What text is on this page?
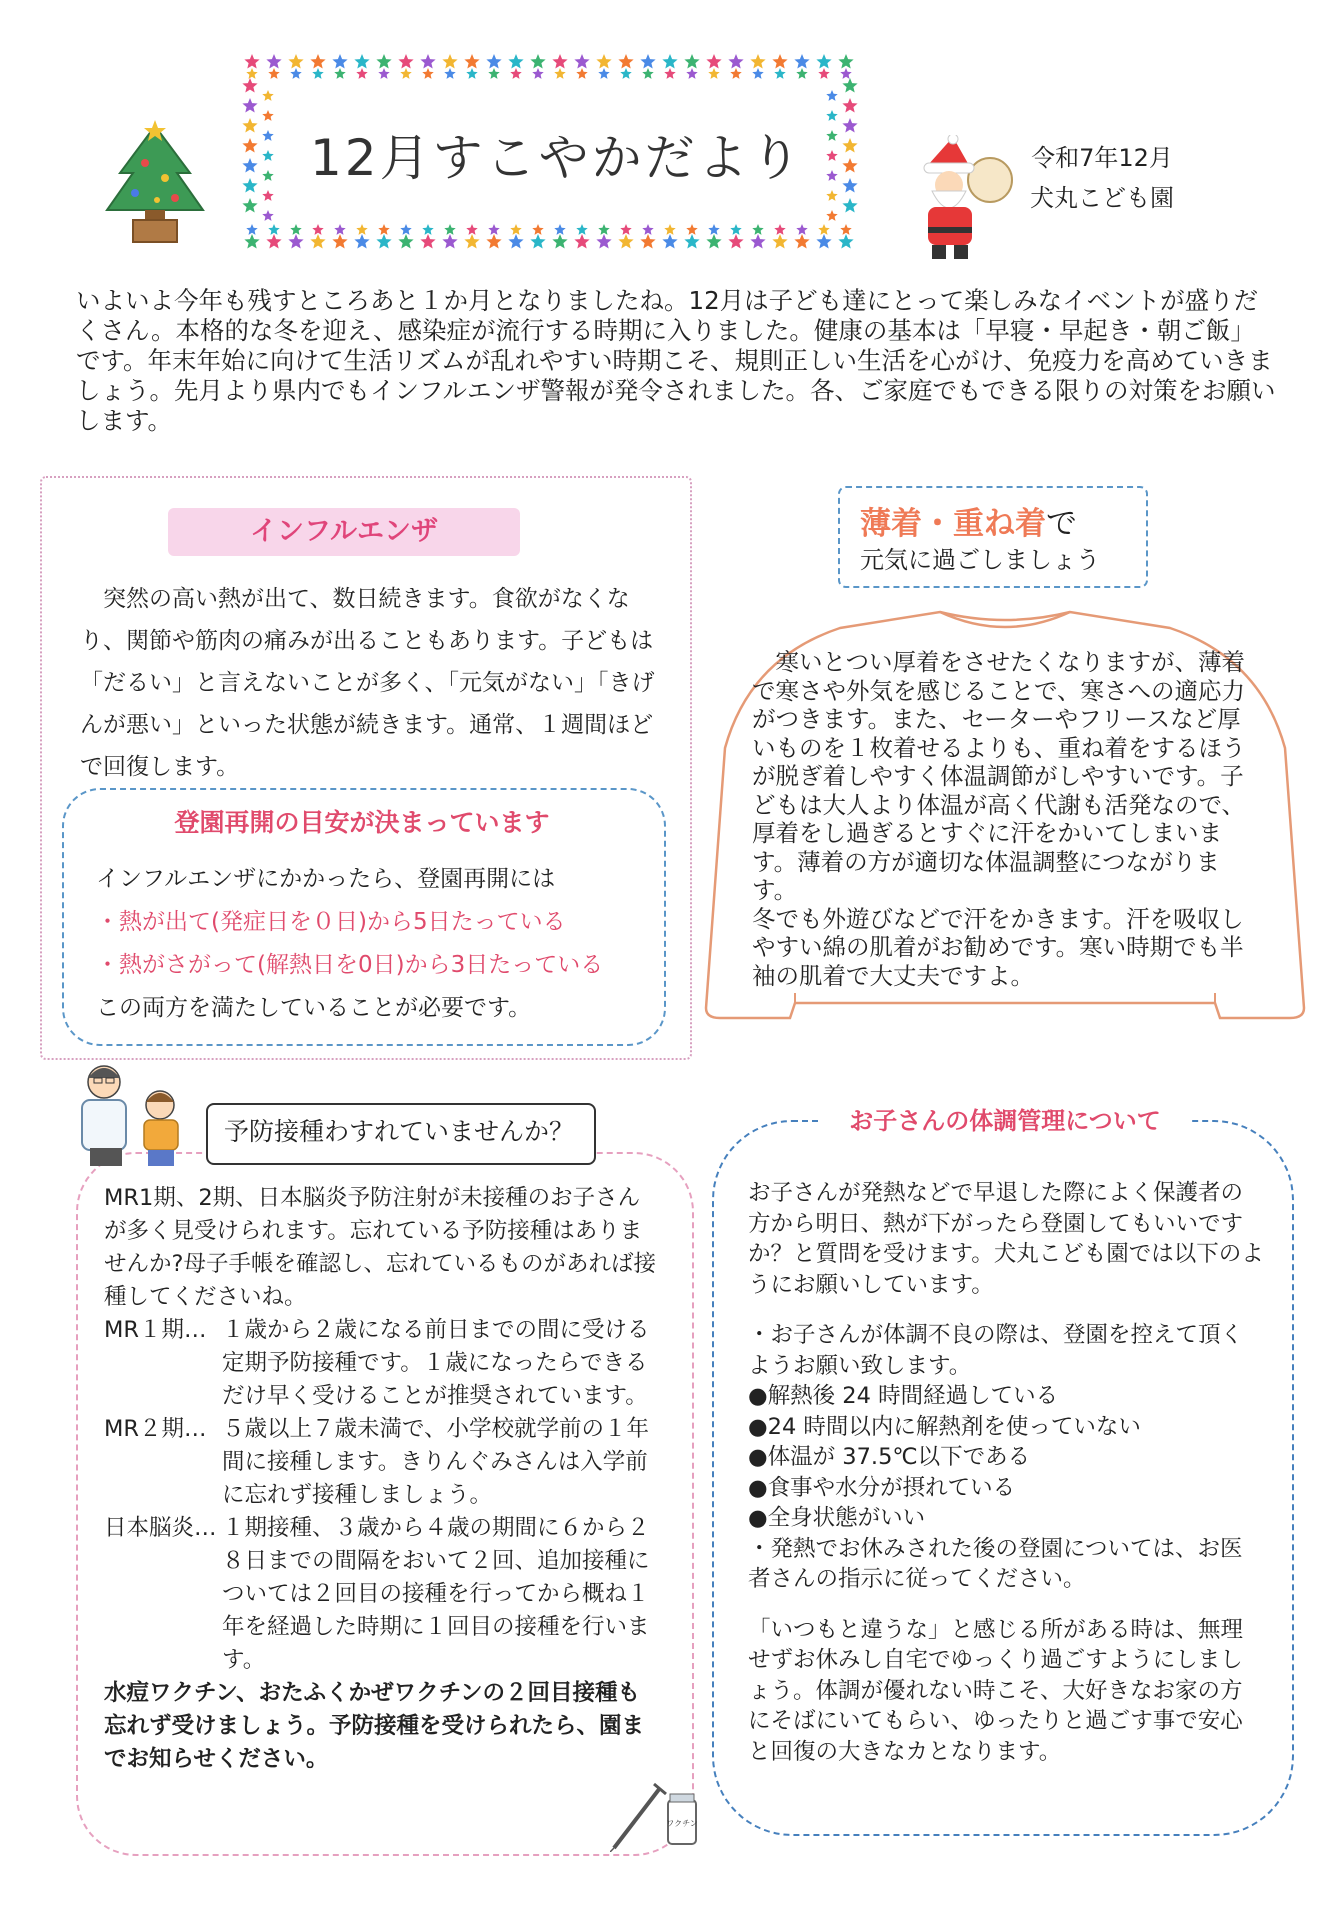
12月すこやかだより	令和7年12月
犬丸こども園
いよいよ今年も残すところあと１か月となりましたね。12月は子ども達にとって楽しみなイベントが盛りだくさん。本格的な冬を迎え、感染症が流行する時期に入りました。健康の基本は「早寝・早起き・朝ご飯」です。年末年始に向けて生活リズムが乱れやすい時期こそ、規則正しい生活を心がけ、免疫力を高めていきましょう。先月より県内でもインフルエンザ警報が発令されました。各、ご家庭でもできる限りの対策をお願いします。
インフルエンザ

突然の高い熱が出て、数日続きます。食欲がなくなり、関節や筋肉の痛みが出ることもあります。子どもは「だるい」と言えないことが多く、「元気がない」「きげんが悪い」といった状態が続きます。通常、１週間ほどで回復します。

登園再開の目安が決まっています
インフルエンザにかかったら、登園再開には
・熱が出て(発症日を０日)から5日たっている
・熱がさがって(解熱日を0日)から3日たっている
この両方を満たしていることが必要です。
薄着・重ね着で
元気に過ごしましょう

　寒いとつい厚着をさせたくなりますが、薄着で寒さや外気を感じることで、寒さへの適応力がつきます。また、セーターやフリースなど厚いものを１枚着せるよりも、重ね着をするほうが脱ぎ着しやすく体温調節がしやすいです。子どもは大人より体温が高く代謝も活発なので、厚着をし過ぎるとすぐに汗をかいてしまいます。薄着の方が適切な体温調整につながります。

冬でも外遊びなどで汗をかきます。汗を吸収しやすい綿の肌着がお勧めです。寒い時期でも半袖の肌着で大丈夫ですよ。

予防接種わすれていませんか？

MR1期、2期、日本脳炎予防注射が未接種のお子さんが多く見受けられます。忘れている予防接種はありませんか?母子手帳を確認し、忘れているものがあれば接種してくださいね。

MR１期… １歳から２歳になる前日までの間に受ける定期予防接種です。１歳になったらできるだけ早く受けることが推奨されています。
MR２期… ５歳以上７歳未満で、小学校就学前の１年間に接種します。きりんぐみさんは入学前に忘れず接種しましょう。
日本脳炎… １期接種、３歳から４歳の期間に６から２８日までの間隔をおいて２回、追加接種については２回目の接種を行ってから概ね１年を経過した時期に１回目の接種を行います。

水痘ワクチン、おたふくかぜワクチンの２回目接種も忘れず受けましょう。予防接種を受けられたら、園までお知らせください。

ワクチン
お子さんの体調管理について

お子さんが発熱などで早退した際によく保護者の方から明日、熱が下がったら登園してもいいですか？と質問を受けます。犬丸こども園では以下のようにお願いしています。

・お子さんが体調不良の際は、登園を控えて頂くようお願い致します。

●解熱後 24 時間経過している

●24 時間以内に解熱剤を使っていない

●体温が 37.5℃以下である

●食事や水分が摂れている

●全身状態がいい

・発熱でお休みされた後の登園については、お医者さんの指示に従ってください。

「いつもと違うな」と感じる所がある時は、無理せずお休みし自宅でゆっくり過ごすようにしましょう。体調が優れない時こそ、大好きなお家の方にそばにいてもらい、ゆったりと過ごす事で安心と回復の大きなカとなります。
